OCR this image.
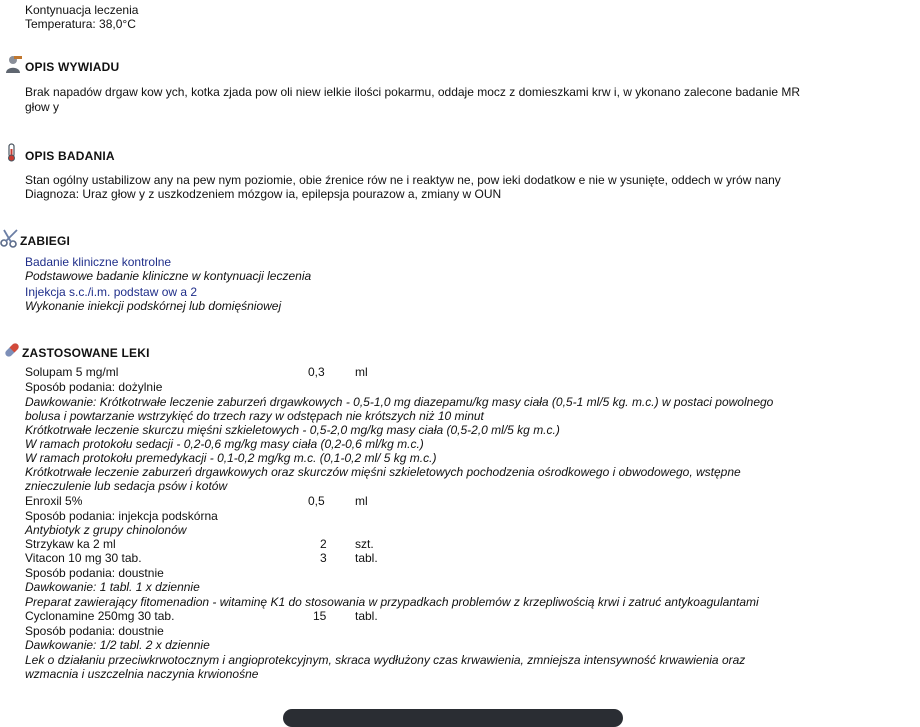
Kontynuacja leczenia
Temperatura: 38,0°C
OPIS WYWIADU
Brak napadów drgaw kow ych, kotka zjada pow oli niew ielkie ilości pokarmu, oddaje mocz z domieszkami krw i, w ykonano zalecone badanie MR
głow y
OPIS BADANIA
Stan ogólny ustabilizow any na pew nym poziomie, obie źrenice rów ne i reaktyw ne, pow ieki dodatkow e nie w ysunięte, oddech w yrów nany
Diagnoza: Uraz głow y z uszkodzeniem mózgow ia, epilepsja pourazow a, zmiany w OUN
ZABIEGI
Badanie kliniczne kontrolne
Podstawowe badanie kliniczne w kontynuacji leczenia
Injekcja s.c./i.m. podstaw ow a 2
Wykonanie iniekcji podskórnej lub domięśniowej
ZASTOSOWANE LEKI
Solupam 5 mg/ml	0,3	ml
Sposób podania: dożylnie
Dawkowanie: Krótkotrwałe leczenie zaburzeń drgawkowych - 0,5-1,0 mg diazepamu/kg masy ciała (0,5-1 ml/5 kg. m.c.) w postaci powolnego
bolusa i powtarzanie wstrzykięć do trzech razy w odstępach nie krótszych niż 10 minut
Krótkotrwałe leczenie skurczu mięśni szkieletowych - 0,5-2,0 mg/kg masy ciała (0,5-2,0 ml/5 kg m.c.)
W ramach protokołu sedacji - 0,2-0,6 mg/kg masy ciała (0,2-0,6 ml/kg m.c.)
W ramach protokołu premedykacji - 0,1-0,2 mg/kg m.c. (0,1-0,2 ml/ 5 kg m.c.)
Krótkotrwałe leczenie zaburzeń drgawkowych oraz skurczów mięśni szkieletowych pochodzenia ośrodkowego i obwodowego, wstępne
znieczulenie lub sedacja psów i kotów
Enroxil 5%	0,5	ml
Sposób podania: injekcja podskórna
Antybiotyk z grupy chinolonów
Strzykaw ka 2 ml	2 szt.
Vitacon 10 mg 30 tab.	3 tabl.
Sposób podania: doustnie
Dawkowanie: 1 tabl. 1 x dziennie
Preparat zawierający fitomenadion - witaminę K1 do stosowania w przypadkach problemów z krzepliwością krwi i zatruć antykoagulantami
Cyclonamine 250mg 30 tab.	15 tabl.
Sposób podania: doustnie
Dawkowanie: 1/2 tabl. 2 x dziennie
Lek o działaniu przeciwkrwotocznym i angioprotekcyjnym, skraca wydłużony czas krwawienia, zmniejsza intensywność krwawienia oraz
wzmacnia i uszczelnia naczynia krwionośne
